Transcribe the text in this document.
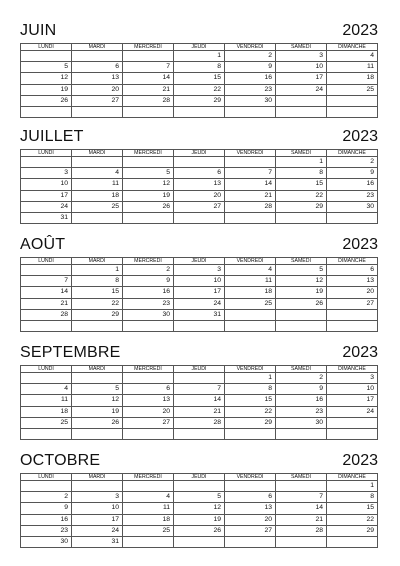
JUIN	2023
LUNDI	MARDI	MERCREDI	JEUDI	VENDREDI	SAMEDI	DIMANCHE
			1	2	3	4
5	6	7	8	9	10	11
12	13	14	15	16	17	18
19	20	21	22	23	24	25
26	27	28	29	30		

JUILLET	2023
LUNDI	MARDI	MERCREDI	JEUDI	VENDREDI	SAMEDI	DIMANCHE
					1	2
3	4	5	6	7	8	9
10	11	12	13	14	15	16
17	18	19	20	21	22	23
24	25	26	27	28	29	30
31						
AOÛT	2023
LUNDI	MARDI	MERCREDI	JEUDI	VENDREDI	SAMEDI	DIMANCHE
	1	2	3	4	5	6
7	8	9	10	11	12	13
14	15	16	17	18	19	20
21	22	23	24	25	26	27
28	29	30	31			

SEPTEMBRE	2023
LUNDI	MARDI	MERCREDI	JEUDI	VENDREDI	SAMEDI	DIMANCHE
				1	2	3
4	5	6	7	8	9	10
11	12	13	14	15	16	17
18	19	20	21	22	23	24
25	26	27	28	29	30	

OCTOBRE	2023
LUNDI	MARDI	MERCREDI	JEUDI	VENDREDI	SAMEDI	DIMANCHE
						1
2	3	4	5	6	7	8
9	10	11	12	13	14	15
16	17	18	19	20	21	22
23	24	25	26	27	28	29
30	31					
